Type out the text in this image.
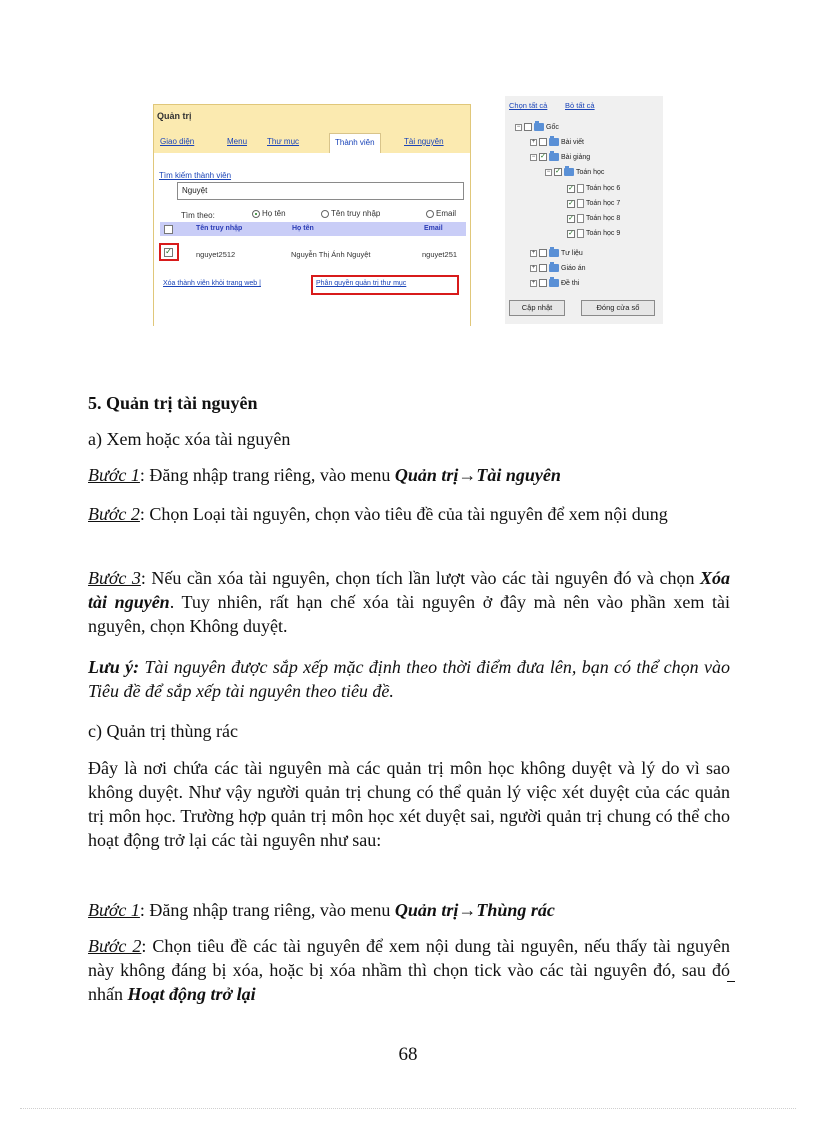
Quản trị
Giao diện	Menu Thư mục	Thành viên	Tài nguyên
Tìm kiếm thành viên
Nguyệt
Tìm theo:	Họ tên	Tên truy nhập	Email
Tên truy nhập	Họ tên	Email
✓	nguyet2512	Nguyễn Thị Ánh Nguyệt	nguyet251
Xóa thành viên khỏi trang web |	Phân quyền quản trị thư mục
Chọn tất cả Bỏ tất cả
−	Gốc
+	Bài viết
− ✓ Bài giảng
− ✓ Toán học
✓ Toán học 6
✓ Toán học 7
✓ Toán học 8
✓ Toán học 9
+	Tư liệu
+	Giáo án
+	Đề thi
Cập nhật	Đóng cửa sổ
5. Quản trị tài nguyên
a) Xem hoặc xóa tài nguyên
Bước 1: Đăng nhập trang riêng, vào menu Quản trị→Tài nguyên
Bước 2: Chọn Loại tài nguyên, chọn vào tiêu đề của tài nguyên để xem nội dung
Bước 3: Nếu cần xóa tài nguyên, chọn tích lần lượt vào các tài nguyên đó và chọn Xóa tài nguyên. Tuy nhiên, rất hạn chế xóa tài nguyên ở đây mà nên vào phần xem tài nguyên, chọn Không duyệt.
Lưu ý: Tài nguyên được sắp xếp mặc định theo thời điểm đưa lên, bạn có thể chọn vào Tiêu đề để sắp xếp tài nguyên theo tiêu đề.
c) Quản trị thùng rác
Đây là nơi chứa các tài nguyên mà các quản trị môn học không duyệt và lý do vì sao không duyệt. Như vậy người quản trị chung có thể quản lý việc xét duyệt của các quản trị môn học. Trường hợp quản trị môn học xét duyệt sai, người quản trị chung có thể cho hoạt động trở lại các tài nguyên như sau:
Bước 1: Đăng nhập trang riêng, vào menu Quản trị→Thùng rác
Bước 2: Chọn tiêu đề các tài nguyên để xem nội dung tài nguyên, nếu thấy tài nguyên này không đáng bị xóa, hoặc bị xóa nhầm thì chọn tick vào các tài nguyên đó, sau đó nhấn Hoạt động trở lại
68
